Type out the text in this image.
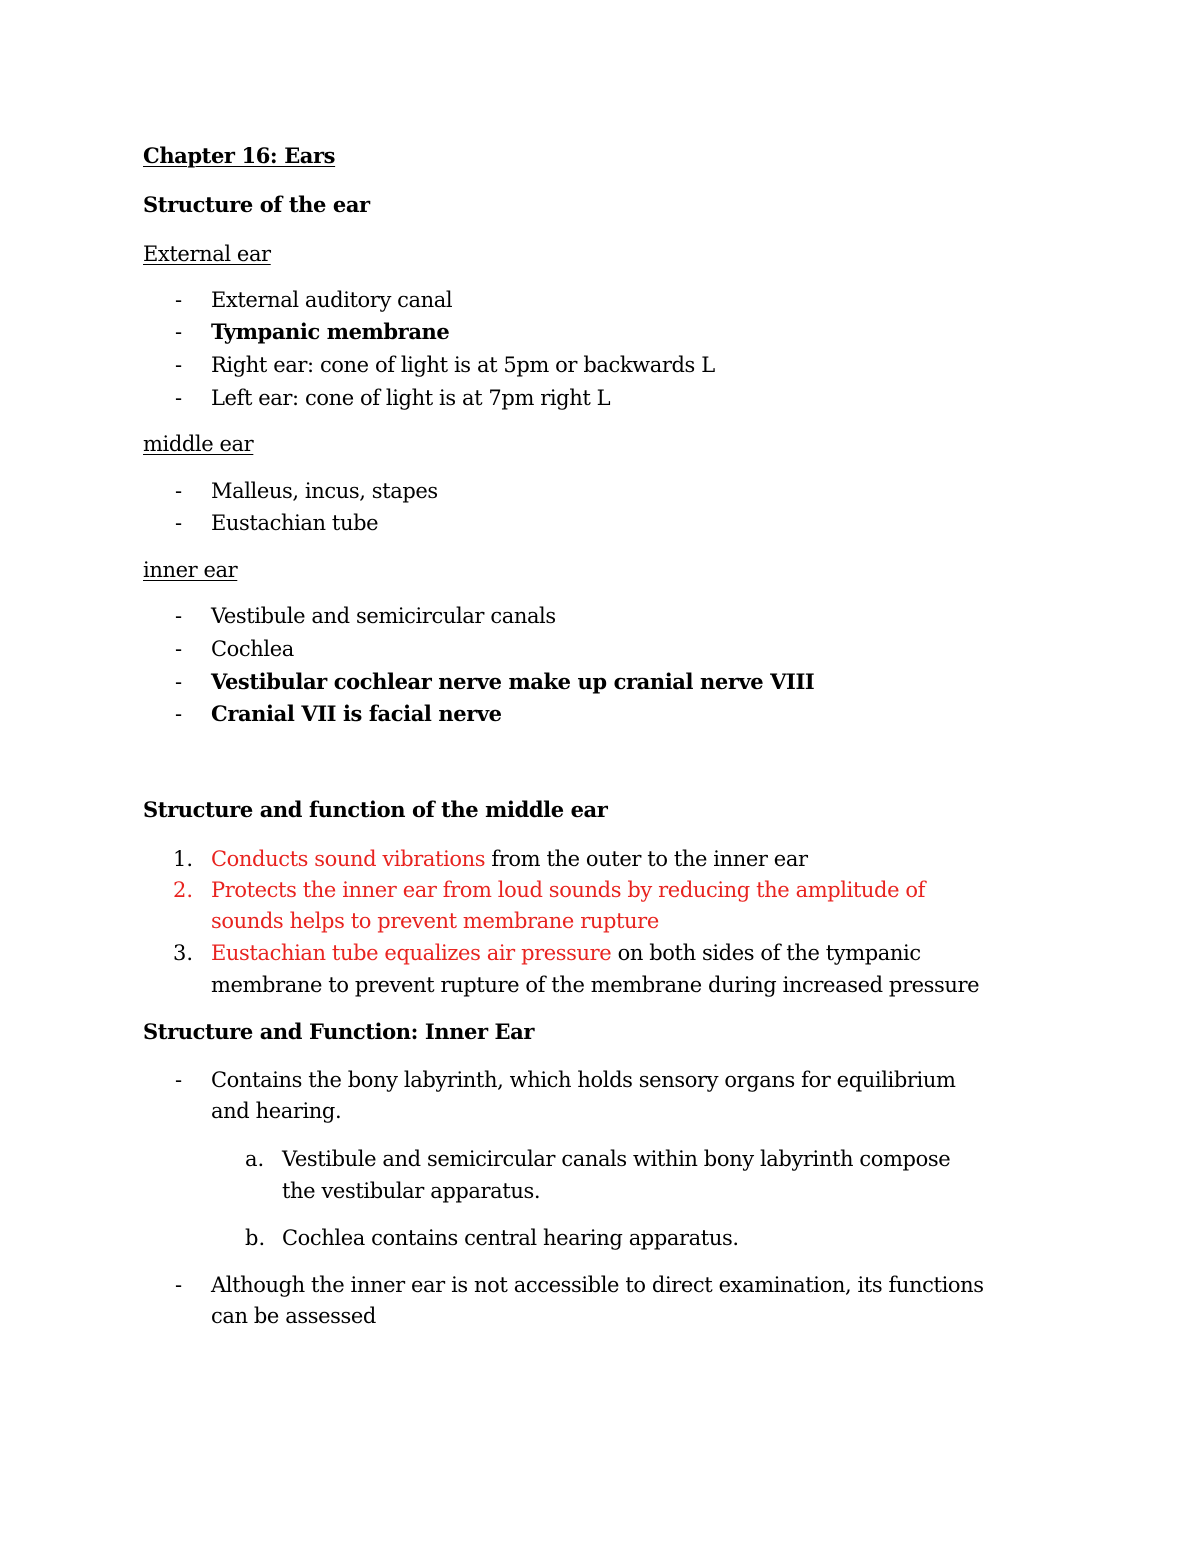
Chapter 16: Ears
Structure of the ear
External ear
- External auditory canal
- Tympanic membrane
- Right ear: cone of light is at 5pm or backwards L
- Left ear: cone of light is at 7pm right L
middle ear
- Malleus, incus, stapes
- Eustachian tube
inner ear
- Vestibule and semicircular canals
- Cochlea
- Vestibular cochlear nerve make up cranial nerve VIII
- Cranial VII is facial nerve
Structure and function of the middle ear
1. Conducts sound vibrations from the outer to the inner ear
2. Protects the inner ear from loud sounds by reducing the amplitude of
sounds helps to prevent membrane rupture
3. Eustachian tube equalizes air pressure on both sides of the tympanic
membrane to prevent rupture of the membrane during increased pressure
Structure and Function: Inner Ear
- Contains the bony labyrinth, which holds sensory organs for equilibrium
and hearing.
a. Vestibule and semicircular canals within bony labyrinth compose
the vestibular apparatus.
b. Cochlea contains central hearing apparatus.
- Although the inner ear is not accessible to direct examination, its functions
can be assessed
